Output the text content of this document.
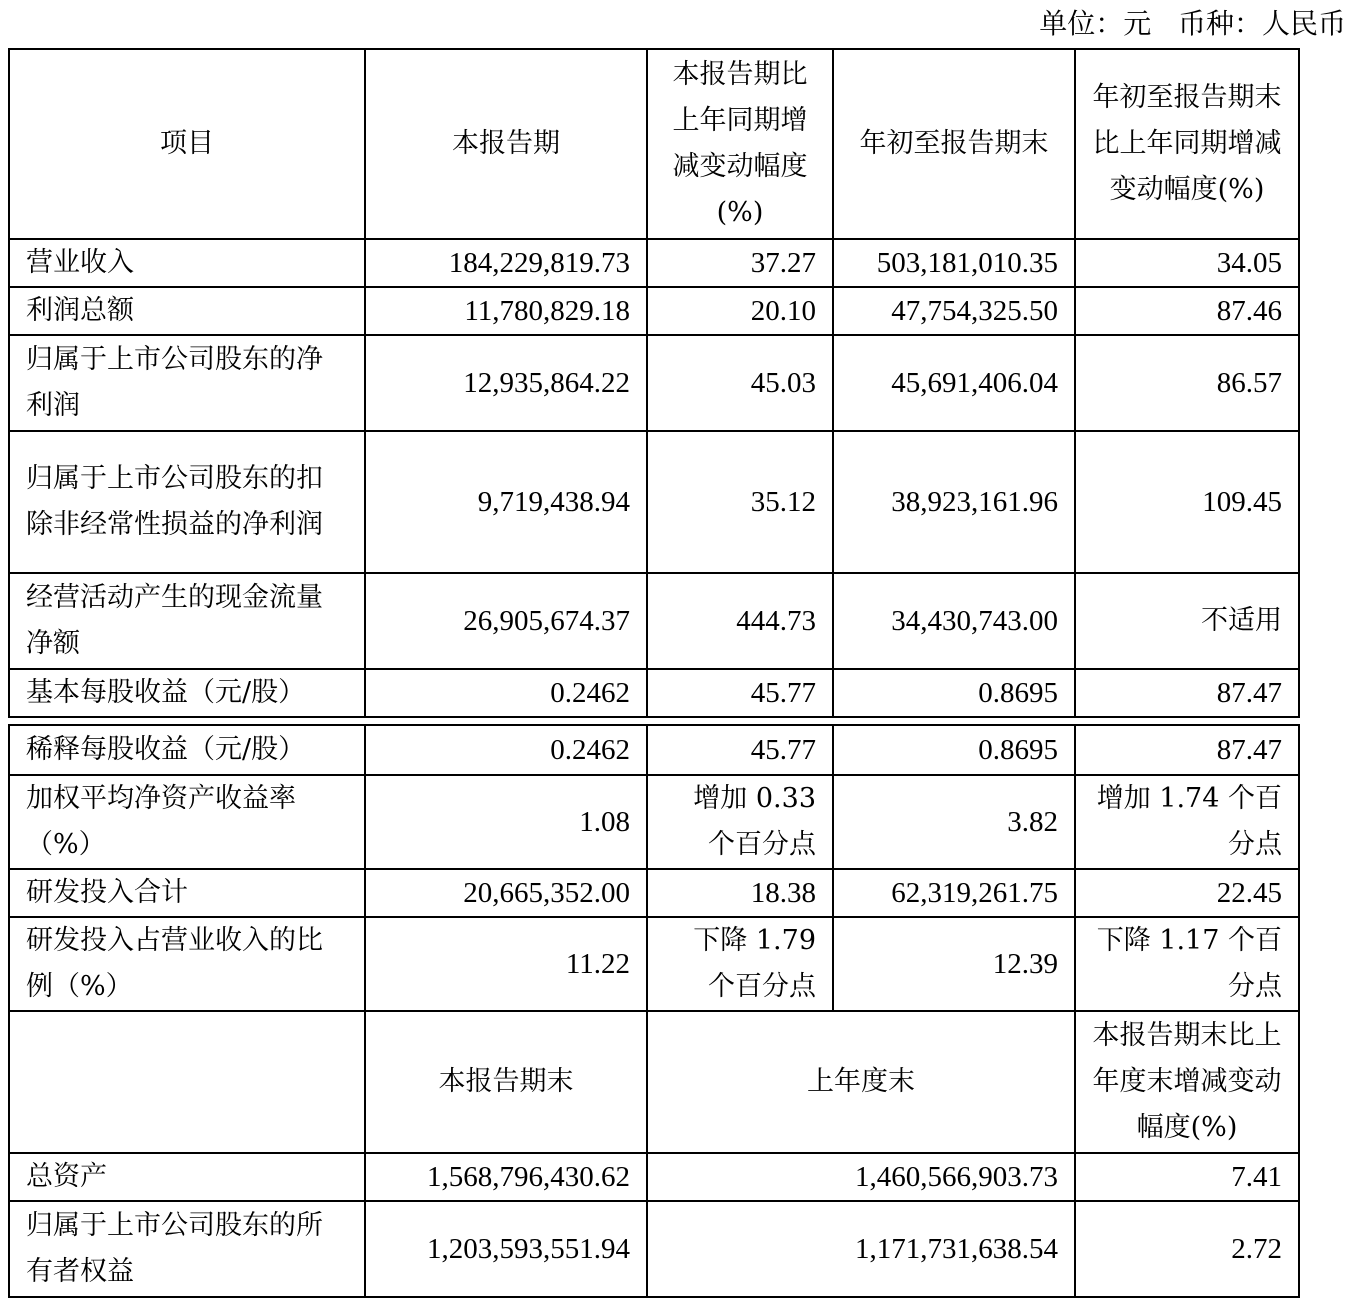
单位：元   币种：人民币
项目	本报告期	本报告期比上年同期增减变动幅度(%)	年初至报告期末	年初至报告期末比上年同期增减变动幅度(%)
营业收入	184,229,819.73	37.27	503,181,010.35	34.05
利润总额	11,780,829.18	20.10	47,754,325.50	87.46
归属于上市公司股东的净利润	12,935,864.22	45.03	45,691,406.04	86.57
归属于上市公司股东的扣除非经常性损益的净利润	9,719,438.94	35.12	38,923,161.96	109.45
经营活动产生的现金流量净额	26,905,674.37	444.73	34,430,743.00	不适用
基本每股收益（元/股）	0.2462	45.77	0.8695	87.47
稀释每股收益（元/股）	0.2462	45.77	0.8695	87.47
加权平均净资产收益率（%）	1.08	增加 0.33 个百分点	3.82	增加 1.74 个百分点
研发投入合计	20,665,352.00	18.38	62,319,261.75	22.45
研发投入占营业收入的比例（%）	11.22	下降 1.79 个百分点	12.39	下降 1.17 个百分点
	本报告期末	上年度末		本报告期末比上年度末增减变动幅度(%)
总资产	1,568,796,430.62	1,460,566,903.73		7.41
归属于上市公司股东的所有者权益	1,203,593,551.94	1,171,731,638.54		2.72
